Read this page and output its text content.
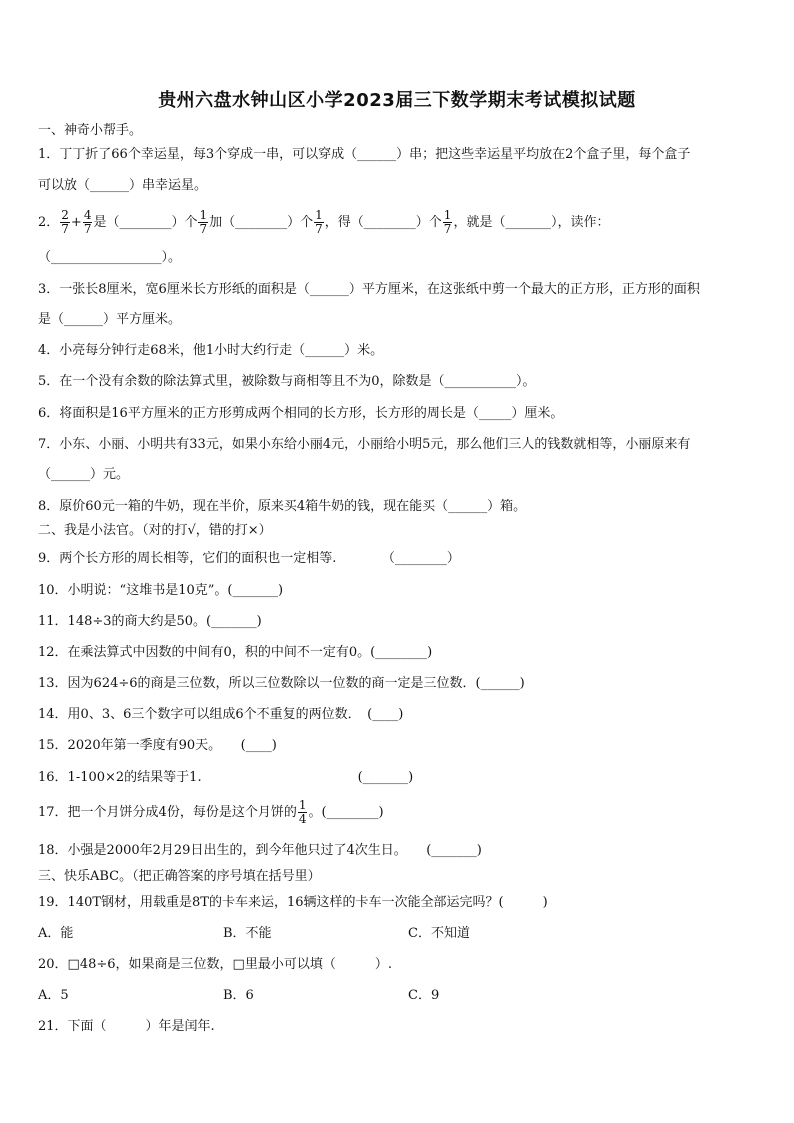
贵州六盘水钟山区小学2023届三下数学期末考试模拟试题
一、神奇小帮手。
1．丁丁折了66个幸运星，每3个穿成一串，可以穿成（______）串；把这些幸运星平均放在2个盒子里，每个盒子
可以放（______）串幸运星。
2． $\frac{2}{7} + \frac{4}{7}$ 是（________）个 $\frac{1}{7}$ 加（________）个 $\frac{1}{7}$ ，得（________）个 $\frac{1}{7}$ ，就是（_______），读作：
（_________________）。
3．一张长8厘米，宽6厘米长方形纸的面积是（______）平方厘米，在这张纸中剪一个最大的正方形，正方形的面积
是（______）平方厘米。
4．小亮每分钟行走68米，他1小时大约行走（______）米。
5．在一个没有余数的除法算式里，被除数与商相等且不为0，除数是（___________）。
6．将面积是16平方厘米的正方形剪成两个相同的长方形，长方形的周长是（_____）厘米。
7．小东、小丽、小明共有33元，如果小东给小丽4元，小丽给小明5元，那么他们三人的钱数就相等，小丽原来有
（______）元。
8．原价60元一箱的牛奶，现在半价，原来买4箱牛奶的钱，现在能买（______）箱。
二、我是小法官。（对的打√，错的打×）
9．两个长方形的周长相等，它们的面积也一定相等.　　　　（________）
10．小明说：“这堆书是10克”。(_______)
11．148÷3的商大约是50。(_______)
12．在乘法算式中因数的中间有0，积的中间不一定有0。(________)
13．因为624÷6的商是三位数，所以三位数除以一位数的商一定是三位数．(______)
14．用0、3、6三个数字可以组成6个不重复的两位数．　(____)
15．2020年第一季度有90天。　　(____)
16．1-100×2的结果等于1.　　　　　　　　　　　　(_______)
17．把一个月饼分成4份，每份是这个月饼的 $\frac{1}{4}$ 。(________)
18．小强是2000年2月29日出生的，到今年他只过了4次生日。　　(_______)
三、快乐ABC。（把正确答案的序号填在括号里）
19．140T钢材，用载重是8T的卡车来运，16辆这样的卡车一次能全部运完吗？(　　　)
A．能	B．不能	C．不知道
20．□48÷6，如果商是三位数，□里最小可以填（　　　）.
A．5	B．6	C．9
21．下面（　　　）年是闰年.
